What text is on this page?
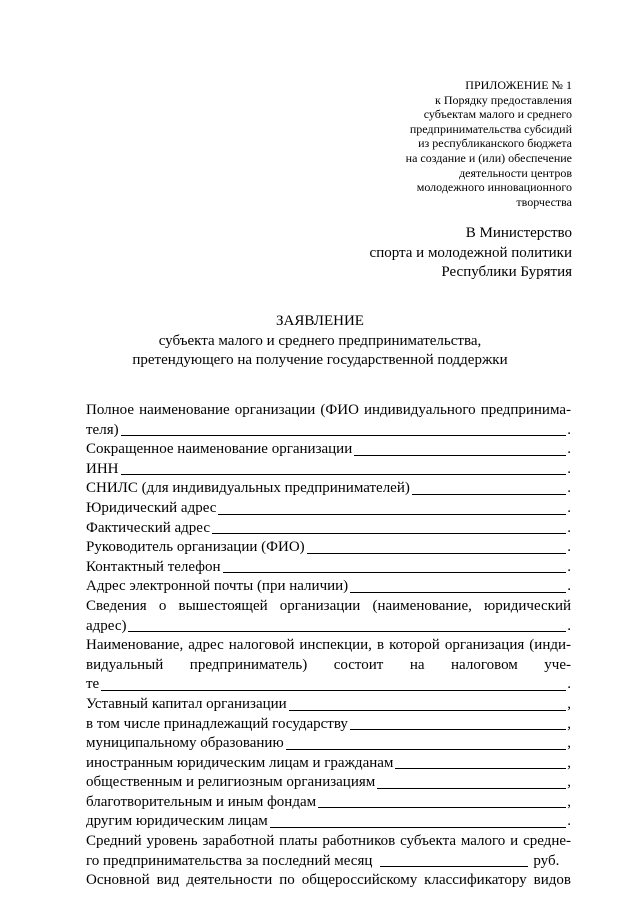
ПРИЛОЖЕНИЕ № 1
к Порядку предоставления
субъектам малого и среднего
предпринимательства субсидий
из республиканского бюджета
на создание и (или) обеспечение
деятельности центров
молодежного инновационного
творчества
В Министерство
спорта и молодежной политики
Республики Бурятия
ЗАЯВЛЕНИЕ
субъекта малого и среднего предпринимательства,
претендующего на получение государственной поддержки
Полное наименование организации (ФИО индивидуального предпринима-
теля)	.
Сокращенное наименование организации	.
ИНН	.
СНИЛС (для индивидуальных предпринимателей)	.
Юридический адрес	.
Фактический адрес	.
Руководитель организации (ФИО)	.
Контактный телефон	.
Адрес электронной почты (при наличии)	.
Сведения о вышестоящей организации (наименование, юридический
адрес)	.
Наименование, адрес налоговой инспекции, в которой организация (инди-
видуальный предприниматель) состоит на налоговом уче-
те	.
Уставный капитал организации	,
в том числе принадлежащий государству	,
муниципальному образованию	,
иностранным юридическим лицам и гражданам	,
общественным и религиозным организациям	,
благотворительным и иным фондам	,
другим юридическим лицам	.
Средний уровень заработной платы работников субъекта малого и средне-
го предпринимательства за последний месяц	руб.
Основной вид деятельности по общероссийскому классификатору видов
